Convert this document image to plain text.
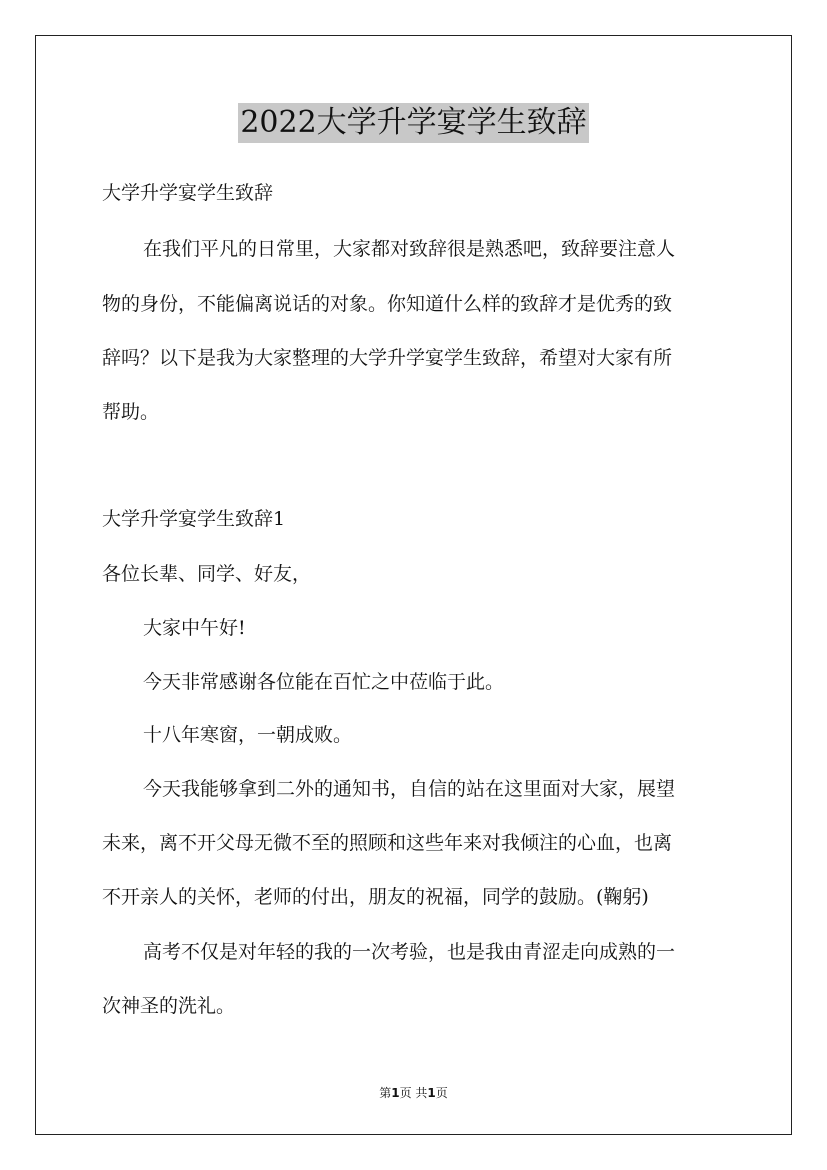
2022大学升学宴学生致辞
大学升学宴学生致辞
在我们平凡的日常里，大家都对致辞很是熟悉吧，致辞要注意人
物的身份，不能偏离说话的对象。你知道什么样的致辞才是优秀的致
辞吗？以下是我为大家整理的大学升学宴学生致辞，希望对大家有所
帮助。
大学升学宴学生致辞1
各位长辈、同学、好友，
大家中午好!
今天非常感谢各位能在百忙之中莅临于此。
十八年寒窗，一朝成败。
今天我能够拿到二外的通知书，自信的站在这里面对大家，展望
未来，离不开父母无微不至的照顾和这些年来对我倾注的心血，也离
不开亲人的关怀，老师的付出，朋友的祝福，同学的鼓励。(鞠躬)
高考不仅是对年轻的我的一次考验，也是我由青涩走向成熟的一
次神圣的洗礼。
第1页 共1页
